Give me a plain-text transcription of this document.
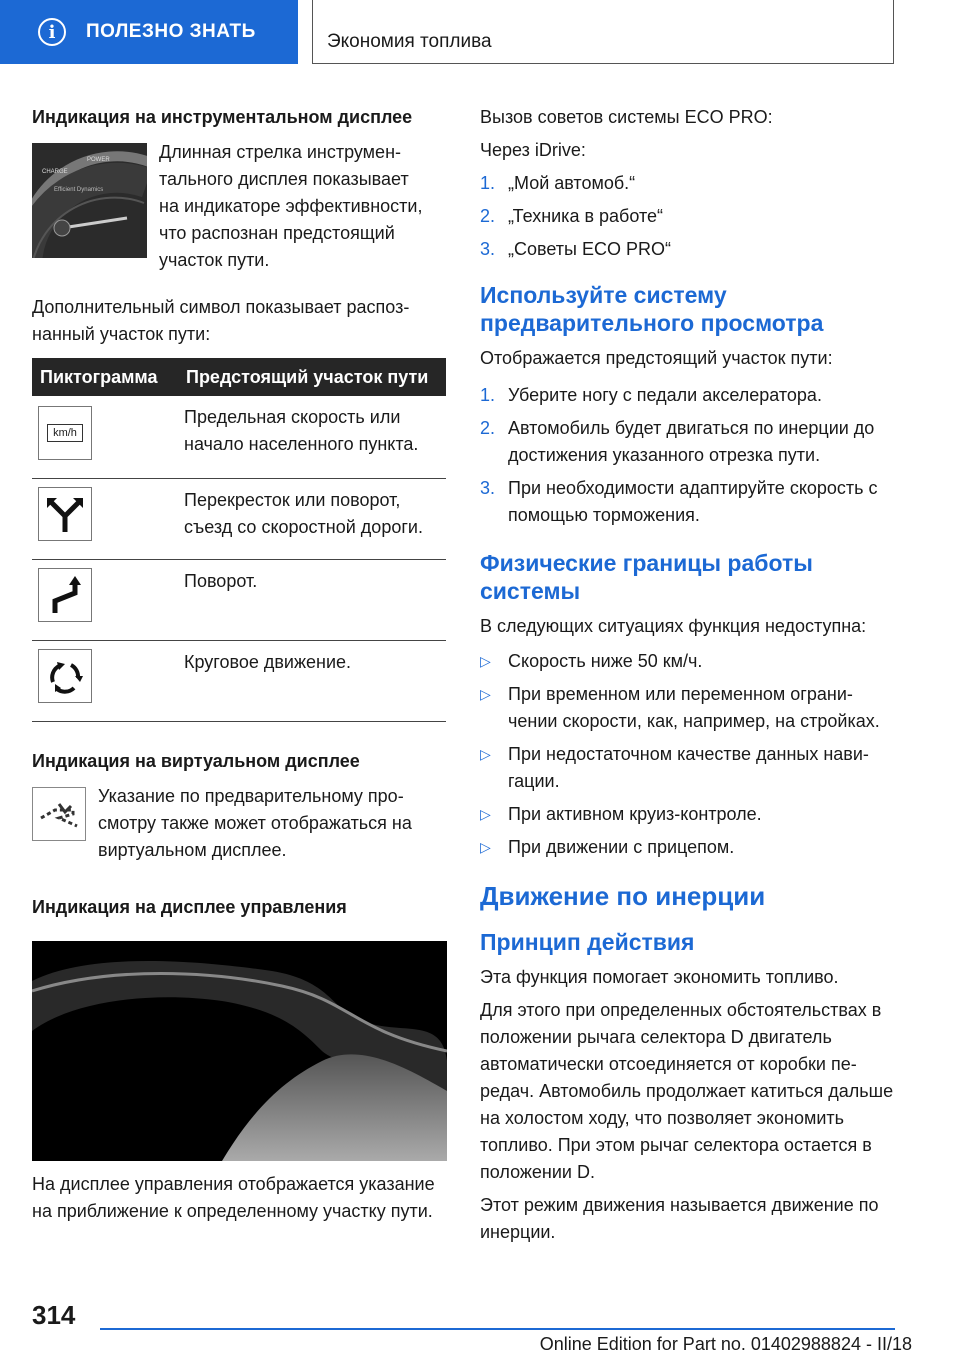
i	ПОЛЕЗНО ЗНАТЬ	Экономия топлива
Индикация на инструментальном дисплее
CHARGE
POWER
Efficient Dynamics
Длинная стрелка инструментального дисплея показывает на индикаторе эффективности, что распознан предстоящий участок пути.
Дополнительный символ показывает распознанный участок пути:
Пиктограмма	Предстоящий участок пути

km/h	Предельная скорость или начало населенного пункта.

	Перекресток или поворот, съезд со скоростной дороги.

	Поворот.

	Круговое движение.
Индикация на виртуальном дисплее
Указание по предварительному просмотру также может отображаться на виртуальном дисплее.
Индикация на дисплее управления
На дисплее управления отображается указание на приближение к определенному участку пути.
Вызов советов системы ECO PRO:
Через iDrive:
1. „Мой автомоб.“
2. „Техника в работе“
3. „Советы ECO PRO“
Используйте систему предварительного просмотра
Отображается предстоящий участок пути:
1. Уберите ногу с педали акселератора.
2. Автомобиль будет двигаться по инерции до достижения указанного отрезка пути.
3. При необходимости адаптируйте скорость с помощью торможения.
Физические границы работы системы
В следующих ситуациях функция недоступна:
▷ Скорость ниже 50 км/ч.
▷ При временном или переменном ограничении скорости, как, например, на стройках.
▷ При недостаточном качестве данных навигации.
▷ При активном круиз-контроле.
▷ При движении с прицепом.
Движение по инерции
Принцип действия
Эта функция помогает экономить топливо.
Для этого при определенных обстоятельствах в положении рычага селектора D двигатель автоматически отсоединяется от коробки передач. Автомобиль продолжает катиться дальше на холостом ходу, что позволяет экономить топливо. При этом рычаг селектора остается в положении D.
Этот режим движения называется движение по инерции.
314
Online Edition for Part no. 01402988824 - II/18
